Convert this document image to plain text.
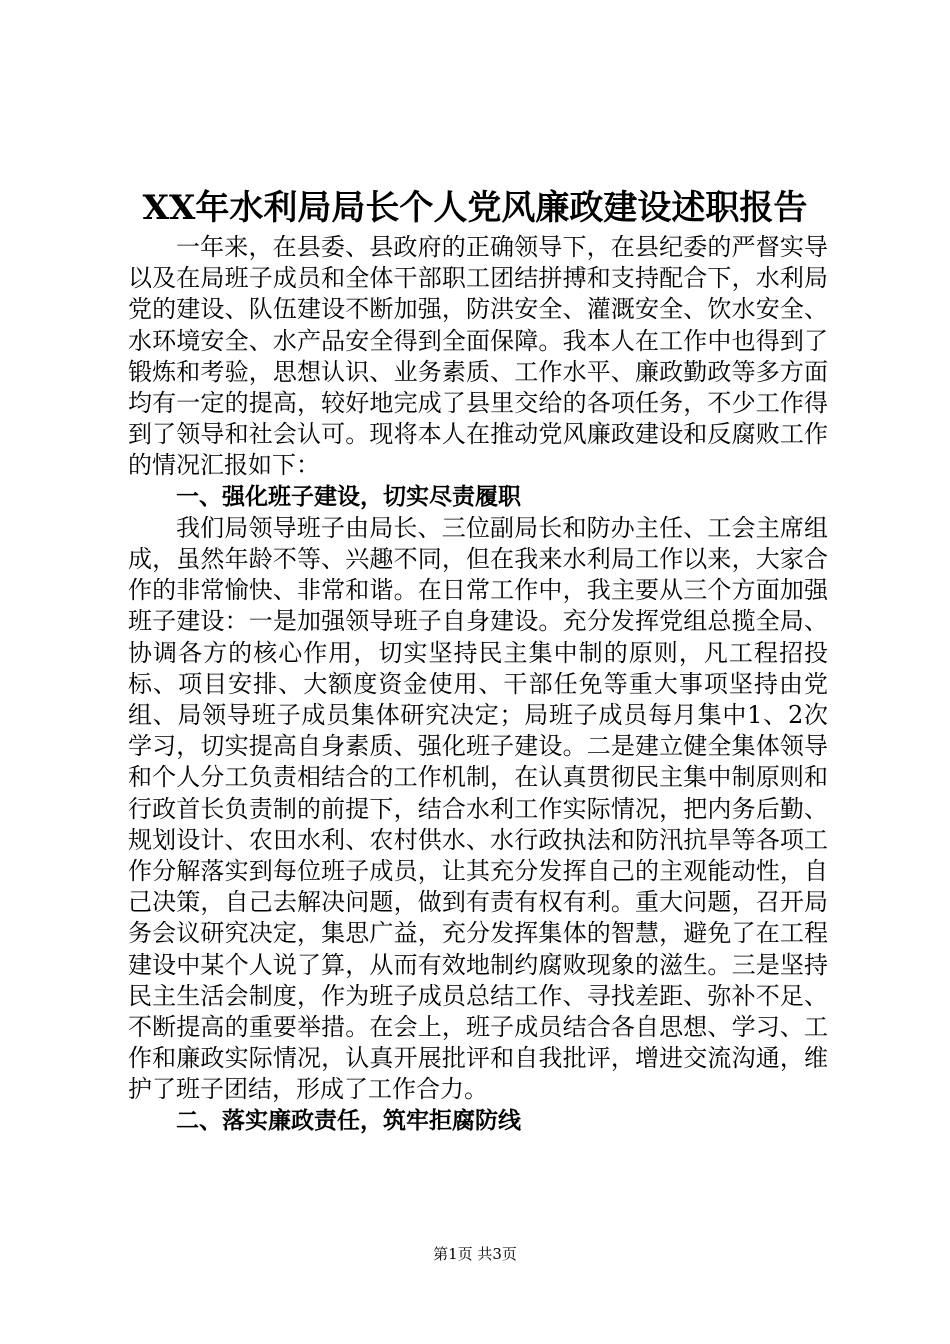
XX年水利局局长个人党风廉政建设述职报告

一年来，在县委、县政府的正确领导下，在县纪委的严督实导以及在局班子成员和全体干部职工团结拼搏和支持配合下，水利局党的建设、队伍建设不断加强，防洪安全、灌溉安全、饮水安全、水环境安全、水产品安全得到全面保障。我本人在工作中也得到了锻炼和考验，思想认识、业务素质、工作水平、廉政勤政等多方面均有一定的提高，较好地完成了县里交给的各项任务，不少工作得到了领导和社会认可。现将本人在推动党风廉政建设和反腐败工作的情况汇报如下：

一、强化班子建设，切实尽责履职

我们局领导班子由局长、三位副局长和防办主任、工会主席组成，虽然年龄不等、兴趣不同，但在我来水利局工作以来，大家合作的非常愉快、非常和谐。在日常工作中，我主要从三个方面加强班子建设：一是加强领导班子自身建设。充分发挥党组总揽全局、协调各方的核心作用，切实坚持民主集中制的原则，凡工程招投标、项目安排、大额度资金使用、干部任免等重大事项坚持由党组、局领导班子成员集体研究决定；局班子成员每月集中1、2次学习，切实提高自身素质、强化班子建设。二是建立健全集体领导和个人分工负责相结合的工作机制，在认真贯彻民主集中制原则和行政首长负责制的前提下，结合水利工作实际情况，把内务后勤、规划设计、农田水利、农村供水、水行政执法和防汛抗旱等各项工作分解落实到每位班子成员，让其充分发挥自己的主观能动性，自己决策，自己去解决问题，做到有责有权有利。重大问题，召开局务会议研究决定，集思广益，充分发挥集体的智慧，避免了在工程建设中某个人说了算，从而有效地制约腐败现象的滋生。三是坚持民主生活会制度，作为班子成员总结工作、寻找差距、弥补不足、不断提高的重要举措。在会上，班子成员结合各自思想、学习、工作和廉政实际情况，认真开展批评和自我批评，增进交流沟通，维护了班子团结，形成了工作合力。

二、落实廉政责任，筑牢拒腐防线

第1页 共3页
